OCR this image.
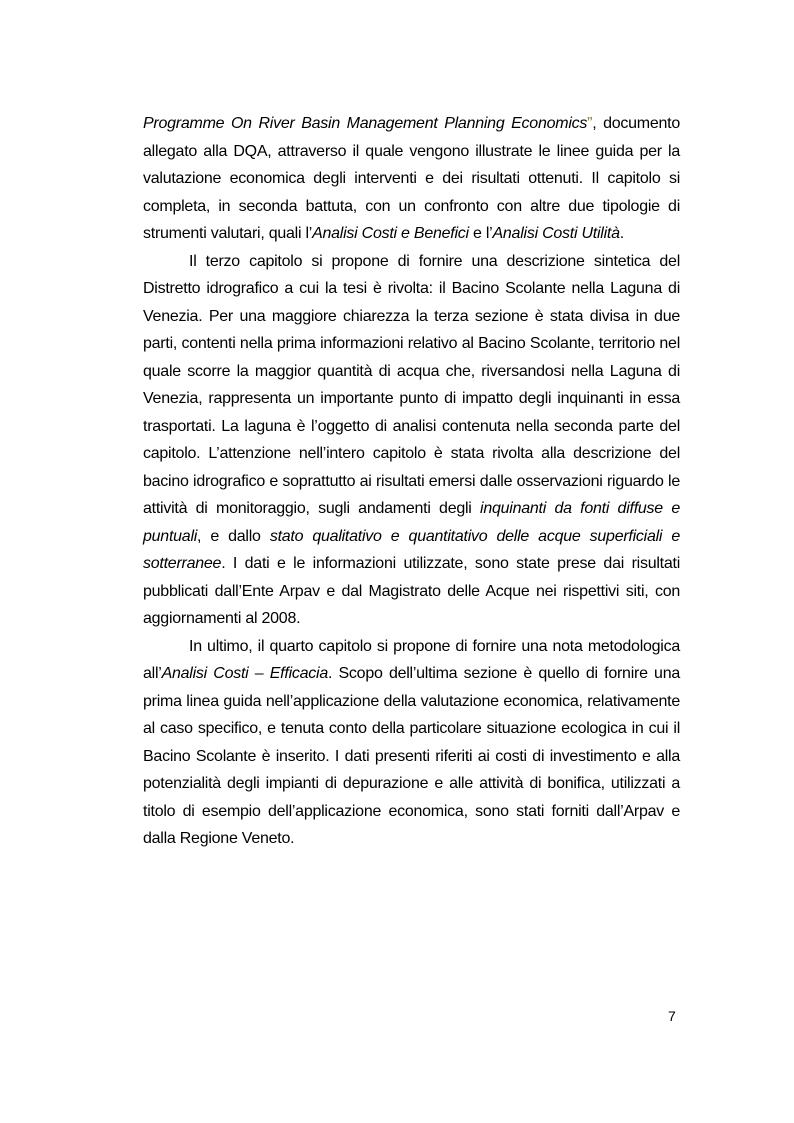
Programme On River Basin Management Planning Economics”, documento allegato alla DQA, attraverso il quale vengono illustrate le linee guida per la valutazione economica degli interventi e dei risultati ottenuti. Il capitolo si completa, in seconda battuta, con un confronto con altre due tipologie di strumenti valutari, quali l’Analisi Costi e Benefici e l’Analisi Costi Utilità.

Il terzo capitolo si propone di fornire una descrizione sintetica del Distretto idrografico a cui la tesi è rivolta: il Bacino Scolante nella Laguna di Venezia. Per una maggiore chiarezza la terza sezione è stata divisa in due parti, contenti nella prima informazioni relativo al Bacino Scolante, territorio nel quale scorre la maggior quantità di acqua che, riversandosi nella Laguna di Venezia, rappresenta un importante punto di impatto degli inquinanti in essa trasportati. La laguna è l’oggetto di analisi contenuta nella seconda parte del capitolo. L’attenzione nell’intero capitolo è stata rivolta alla descrizione del bacino idrografico e soprattutto ai risultati emersi dalle osservazioni riguardo le attività di monitoraggio, sugli andamenti degli inquinanti da fonti diffuse e puntuali, e dallo stato qualitativo e quantitativo delle acque superficiali e sotterranee. I dati e le informazioni utilizzate, sono state prese dai risultati pubblicati dall’Ente Arpav e dal Magistrato delle Acque nei rispettivi siti, con aggiornamenti al 2008.

In ultimo, il quarto capitolo si propone di fornire una nota metodologica all’Analisi Costi – Efficacia. Scopo dell’ultima sezione è quello di fornire una prima linea guida nell’applicazione della valutazione economica, relativamente al caso specifico, e tenuta conto della particolare situazione ecologica in cui il Bacino Scolante è inserito. I dati presenti riferiti ai costi di investimento e alla potenzialità degli impianti di depurazione e alle attività di bonifica, utilizzati a titolo di esempio dell’applicazione economica, sono stati forniti dall’Arpav e dalla Regione Veneto.

7
